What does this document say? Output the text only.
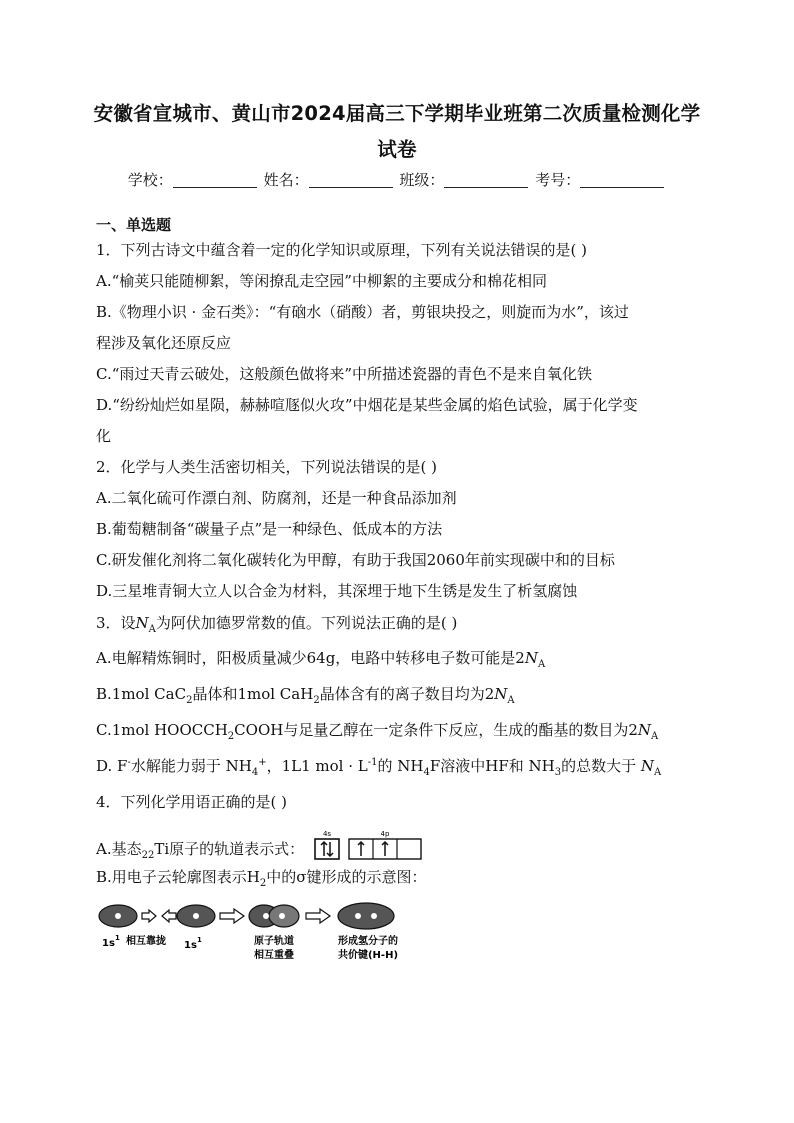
安徽省宣城市、黄山市2024届高三下学期毕业班第二次质量检测化学
试卷
学校：	姓名：	班级：	考号：
一、单选题
1．下列古诗文中蕴含着一定的化学知识或原理，下列有关说法错误的是( )
A.“榆荚只能随柳絮，等闲撩乱走空园”中柳絮的主要成分和棉花相同
B.《物理小识 · 金石类》：“有硇水（硝酸）者，剪银块投之，则旋而为水”，该过
程涉及氧化还原反应
C.“雨过天青云破处，这般颜色做将来”中所描述瓷器的青色不是来自氧化铁
D.“纷纷灿烂如星陨，赫赫喧豗似火攻”中烟花是某些金属的焰色试验，属于化学变
化
2．化学与人类生活密切相关，下列说法错误的是( )
A.二氧化硫可作漂白剂、防腐剂，还是一种食品添加剂
B.葡萄糖制备“碳量子点”是一种绿色、低成本的方法
C.研发催化剂将二氧化碳转化为甲醇，有助于我国2060年前实现碳中和的目标
D.三星堆青铜大立人以合金为材料，其深埋于地下生锈是发生了析氢腐蚀
3．设$N_A$为阿伏加德罗常数的值。下列说法正确的是( )
A.电解精炼铜时，阳极质量减少64g，电路中转移电子数可能是$2N_A$
B.1mol CaC$_2$晶体和1mol CaH$_2$晶体含有的离子数目均为$2N_A$
C.1mol $HOOCCH_2COOH$与足量乙醇在一定条件下反应，生成的酯基的数目为$2N_A$
D. F-水解能力弱于 $NH_4^+$，1L1 mol · $L^{-1}$的 $NH_4F$溶液中HF和 $NH_3$的总数大于 $N_A$
4．下列化学用语正确的是( )
A.基态$_{22}$Ti原子的轨道表示式：
4s	4p
B.用电子云轮廓图表示$H_2$中的σ键形成的示意图：
1s 1 相互靠拢 1s 1	原子轨道
相互重叠
形成氢分子的
共价键(H-H)
